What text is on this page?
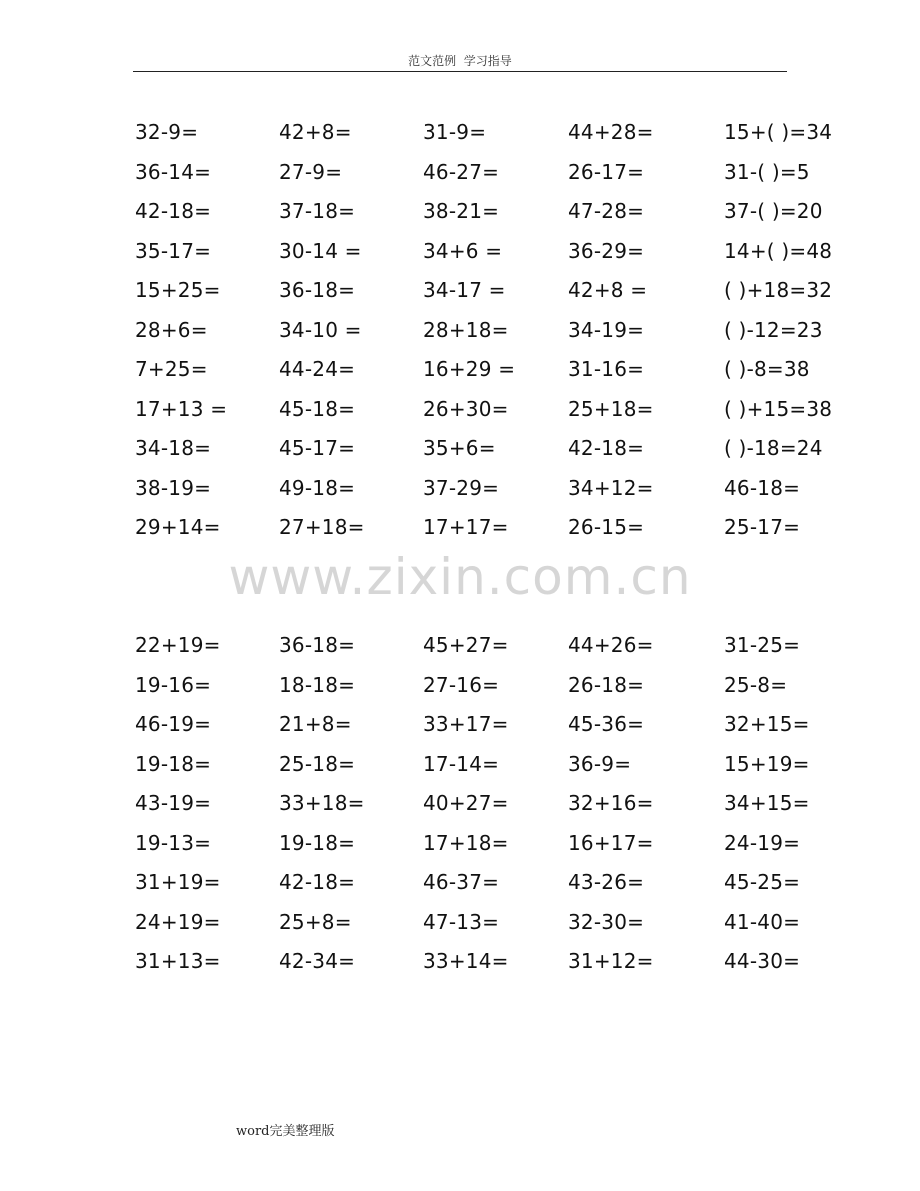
范文范例  学习指导
32-9=	42+8=	31-9=	44+28=	15+( )=34
36-14=	27-9=	46-27=	26-17=	31-( )=5
42-18=	37-18=	38-21=	47-28=	37-( )=20
35-17=	30-14 =	34+6 =	36-29=	14+( )=48
15+25=	36-18=	34-17 =	42+8 =	( )+18=32
28+6=	34-10 =	28+18=	34-19=	( )-12=23
7+25=	44-24=	16+29 =	31-16=	( )-8=38
17+13 =	45-18=	26+30=	25+18=	( )+15=38
34-18=	45-17=	35+6=	42-18=	( )-18=24
38-19=	49-18=	37-29=	34+12=	46-18=
29+14=	27+18=	17+17=	26-15=	25-17=
www.zixin.com.cn
22+19=	36-18=	45+27=	44+26=	31-25=
19-16=	18-18=	27-16=	26-18=	25-8=
46-19=	21+8=	33+17=	45-36=	32+15=
19-18=	25-18=	17-14=	36-9=	15+19=
43-19=	33+18=	40+27=	32+16=	34+15=
19-13=	19-18=	17+18=	16+17=	24-19=
31+19=	42-18=	46-37=	43-26=	45-25=
24+19=	25+8=	47-13=	32-30=	41-40=
31+13=	42-34=	33+14=	31+12=	44-30=
word完美整理版
